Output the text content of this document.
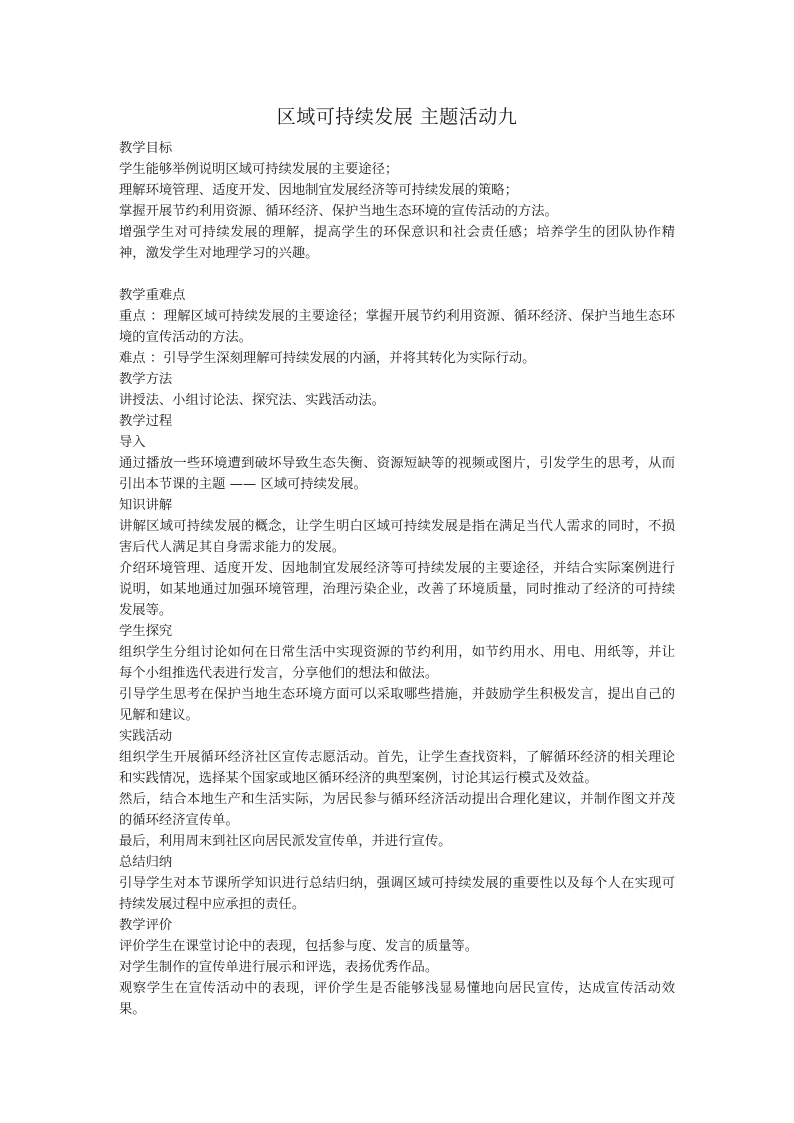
区域可持续发展 主题活动九

教学目标

学生能够举例说明区域可持续发展的主要途径；

理解环境管理、适度开发、因地制宜发展经济等可持续发展的策略；

掌握开展节约利用资源、循环经济、保护当地生态环境的宣传活动的方法。

增强学生对可持续发展的理解，提高学生的环保意识和社会责任感；培养学生的团队协作精神，激发学生对地理学习的兴趣。

教学重难点

重点 ：理解区域可持续发展的主要途径；掌握开展节约利用资源、循环经济、保护当地生态环境的宣传活动的方法。

难点 ：引导学生深刻理解可持续发展的内涵，并将其转化为实际行动。

教学方法

讲授法、小组讨论法、探究法、实践活动法。

教学过程

导入

通过播放一些环境遭到破坏导致生态失衡、资源短缺等的视频或图片，引发学生的思考，从而引出本节课的主题 —— 区域可持续发展。

知识讲解

讲解区域可持续发展的概念，让学生明白区域可持续发展是指在满足当代人需求的同时，不损害后代人满足其自身需求能力的发展。

介绍环境管理、适度开发、因地制宜发展经济等可持续发展的主要途径，并结合实际案例进行说明，如某地通过加强环境管理，治理污染企业，改善了环境质量，同时推动了经济的可持续发展等。

学生探究

组织学生分组讨论如何在日常生活中实现资源的节约利用，如节约用水、用电、用纸等，并让每个小组推选代表进行发言，分享他们的想法和做法。

引导学生思考在保护当地生态环境方面可以采取哪些措施，并鼓励学生积极发言，提出自己的见解和建议。

实践活动

组织学生开展循环经济社区宣传志愿活动。首先，让学生查找资料，了解循环经济的相关理论和实践情况，选择某个国家或地区循环经济的典型案例，讨论其运行模式及效益。

然后，结合本地生产和生活实际，为居民参与循环经济活动提出合理化建议，并制作图文并茂的循环经济宣传单。

最后，利用周末到社区向居民派发宣传单，并进行宣传。

总结归纳

引导学生对本节课所学知识进行总结归纳，强调区域可持续发展的重要性以及每个人在实现可持续发展过程中应承担的责任。

教学评价

评价学生在课堂讨论中的表现，包括参与度、发言的质量等。

对学生制作的宣传单进行展示和评选，表扬优秀作品。

观察学生在宣传活动中的表现，评价学生是否能够浅显易懂地向居民宣传，达成宣传活动效果。
